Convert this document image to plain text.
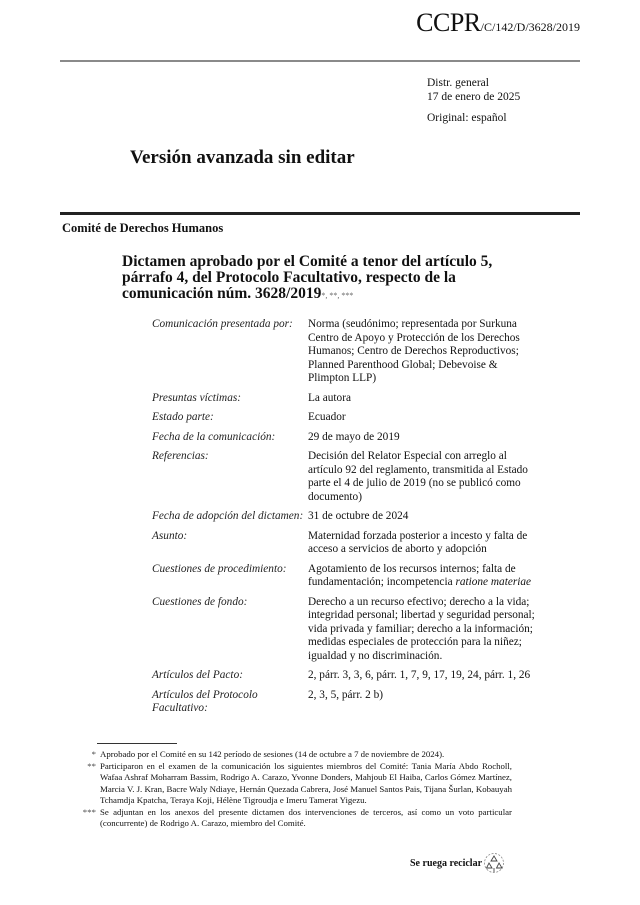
CCPR/C/142/D/3628/2019
Distr. general
17 de enero de 2025
Original: español
Versión avanzada sin editar
Comité de Derechos Humanos
Dictamen aprobado por el Comité a tenor del artículo 5, párrafo 4, del Protocolo Facultativo, respecto de la comunicación núm. 3628/2019*, **, ***
Comunicación presentada por:	Norma (seudónimo; representada por Surkuna Centro de Apoyo y Protección de los Derechos Humanos; Centro de Derechos Reproductivos; Planned Parenthood Global; Debevoise & Plimpton LLP)
Presuntas víctimas:	La autora
Estado parte:	Ecuador
Fecha de la comunicación:	29 de mayo de 2019
Referencias:	Decisión del Relator Especial con arreglo al artículo 92 del reglamento, transmitida al Estado parte el 4 de julio de 2019 (no se publicó como documento)
Fecha de adopción del dictamen: 31 de octubre de 2024
Asunto:	Maternidad forzada posterior a incesto y falta de acceso a servicios de aborto y adopción
Cuestiones de procedimiento:	Agotamiento de los recursos internos; falta de fundamentación; incompetencia ratione materiae
Cuestiones de fondo:	Derecho a un recurso efectivo; derecho a la vida; integridad personal; libertad y seguridad personal; vida privada y familiar; derecho a la información; medidas especiales de protección para la niñez; igualdad y no discriminación.
Artículos del Pacto:	2, párr. 3, 3, 6, párr. 1, 7, 9, 17, 19, 24, párr. 1, 26
Artículos del Protocolo Facultativo:
2, 3, 5, párr. 2 b)
* Aprobado por el Comité en su 142 período de sesiones (14 de octubre a 7 de noviembre de 2024).
** Participaron en el examen de la comunicación los siguientes miembros del Comité: Tania María Abdo Rocholl, Wafaa Ashraf Moharram Bassim, Rodrigo A. Carazo, Yvonne Donders, Mahjoub El Haiba, Carlos Gómez Martínez, Marcia V. J. Kran, Bacre Waly Ndiaye, Hernán Quezada Cabrera, José Manuel Santos Pais, Tijana Šurlan, Kobauyah Tchamdja Kpatcha, Teraya Koji, Hélène Tigroudja e Imeru Tamerat Yigezu.
*** Se adjuntan en los anexos del presente dictamen dos intervenciones de terceros, así como un voto particular (concurrente) de Rodrigo A. Carazo, miembro del Comité.
Se ruega reciclar
